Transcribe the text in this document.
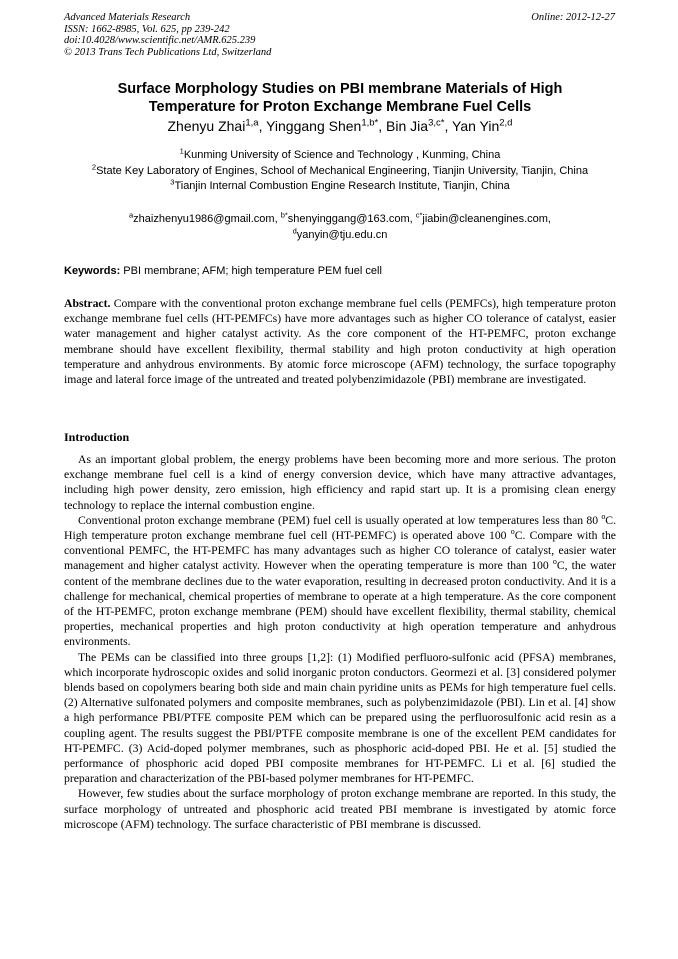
Advanced Materials Research
ISSN: 1662-8985, Vol. 625, pp 239-242
doi:10.4028/www.scientific.net/AMR.625.239
© 2013 Trans Tech Publications Ltd, Switzerland
Online: 2012-12-27
Surface Morphology Studies on PBI membrane Materials of High
Temperature for Proton Exchange Membrane Fuel Cells
Zhenyu Zhai$^{1,a}$, Yinggang Shen$^{1,b*}$, Bin Jia$^{3,c*}$, Yan Yin$^{2,d}$
$^1$Kunming University of Science and Technology , Kunming, China
$^2$State Key Laboratory of Engines, School of Mechanical Engineering, Tianjin University, Tianjin, China
$^3$Tianjin Internal Combustion Engine Research Institute, Tianjin, China
$^a$zhaizhenyu1986@gmail.com, $^{b*}$shenyinggang@163.com, $^{c*}$jiabin@cleanengines.com,
$^d$yanyin@tju.edu.cn
Keywords: PBI membrane; AFM; high temperature PEM fuel cell
Abstract. Compare with the conventional proton exchange membrane fuel cells (PEMFCs), high temperature proton exchange membrane fuel cells (HT-PEMFCs) have more advantages such as higher CO tolerance of catalyst, easier water management and higher catalyst activity. As the core component of the HT-PEMFC, proton exchange membrane should have excellent flexibility, thermal stability and high proton conductivity at high operation temperature and anhydrous environments. By atomic force microscope (AFM) technology, the surface topography image and lateral force image of the untreated and treated polybenzimidazole (PBI) membrane are investigated.
Introduction

As an important global problem, the energy problems have been becoming more and more serious. The proton exchange membrane fuel cell is a kind of energy conversion device, which have many attractive advantages, including high power density, zero emission, high efficiency and rapid start up. It is a promising clean energy technology to replace the internal combustion engine.

Conventional proton exchange membrane (PEM) fuel cell is usually operated at low temperatures less than 80 $^o$C. High temperature proton exchange membrane fuel cell (HT-PEMFC) is operated above 100 $^o$C. Compare with the conventional PEMFC, the HT-PEMFC has many advantages such as higher CO tolerance of catalyst, easier water management and higher catalyst activity. However when the operating temperature is more than 100 $^o$C, the water content of the membrane declines due to the water evaporation, resulting in decreased proton conductivity. And it is a challenge for mechanical, chemical properties of membrane to operate at a high temperature. As the core component of the HT-PEMFC, proton exchange membrane (PEM) should have excellent flexibility, thermal stability, chemical properties, mechanical properties and high proton conductivity at high operation temperature and anhydrous environments.

The PEMs can be classified into three groups [1,2]: (1) Modified perfluoro-sulfonic acid (PFSA) membranes, which incorporate hydroscopic oxides and solid inorganic proton conductors. Geormezi et al. [3] considered polymer blends based on copolymers bearing both side and main chain pyridine units as PEMs for high temperature fuel cells. (2) Alternative sulfonated polymers and composite membranes, such as polybenzimidazole (PBI). Lin et al. [4] show a high performance PBI/PTFE composite PEM which can be prepared using the perfluorosulfonic acid resin as a coupling agent. The results suggest the PBI/PTFE composite membrane is one of the excellent PEM candidates for HT-PEMFC. (3) Acid-doped polymer membranes, such as phosphoric acid-doped PBI. He et al. [5] studied the performance of phosphoric acid doped PBI composite membranes for HT-PEMFC. Li et al. [6] studied the preparation and characterization of the PBI-based polymer membranes for HT-PEMFC.

However, few studies about the surface morphology of proton exchange membrane are reported. In this study, the surface morphology of untreated and phosphoric acid treated PBI membrane is investigated by atomic force microscope (AFM) technology. The surface characteristic of PBI membrane is discussed.
